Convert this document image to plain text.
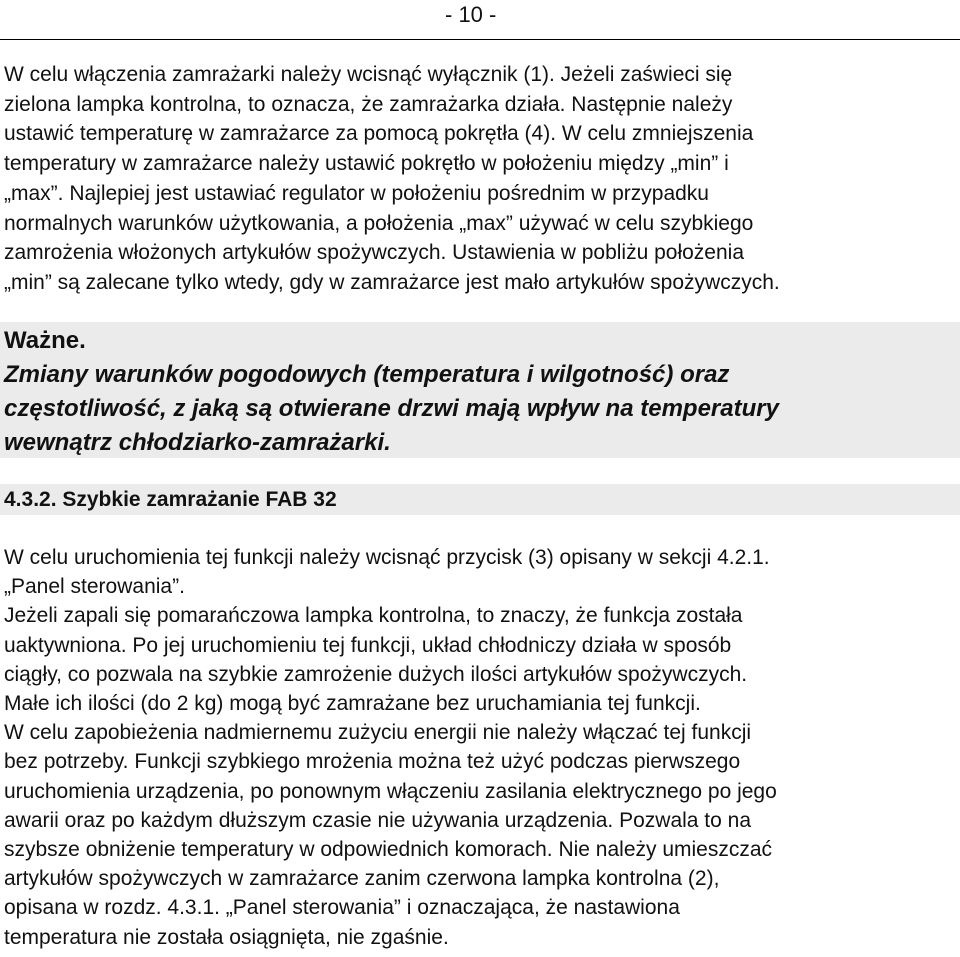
- 10 -
W celu włączenia zamrażarki należy wcisnąć wyłącznik (1). Jeżeli zaświeci się
zielona lampka kontrolna, to oznacza, że zamrażarka działa. Następnie należy
ustawić temperaturę w zamrażarce za pomocą pokrętła (4). W celu zmniejszenia
temperatury w zamrażarce należy ustawić pokrętło w położeniu między „min” i
„max”. Najlepiej jest ustawiać regulator w położeniu pośrednim w przypadku
normalnych warunków użytkowania, a położenia „max” używać w celu szybkiego
zamrożenia włożonych artykułów spożywczych. Ustawienia w pobliżu położenia
„min” są zalecane tylko wtedy, gdy w zamrażarce jest mało artykułów spożywczych.
Ważne.
Zmiany warunków pogodowych (temperatura i wilgotność) oraz
częstotliwość, z jaką są otwierane drzwi mają wpływ na temperatury
wewnątrz chłodziarko-zamrażarki.
4.3.2. Szybkie zamrażanie FAB 32
W celu uruchomienia tej funkcji należy wcisnąć przycisk (3) opisany w sekcji 4.2.1.
„Panel sterowania”.
Jeżeli zapali się pomarańczowa lampka kontrolna, to znaczy, że funkcja została
uaktywniona. Po jej uruchomieniu tej funkcji, układ chłodniczy działa w sposób
ciągły, co pozwala na szybkie zamrożenie dużych ilości artykułów spożywczych.
Małe ich ilości (do 2 kg) mogą być zamrażane bez uruchamiania tej funkcji.
W celu zapobieżenia nadmiernemu zużyciu energii nie należy włączać tej funkcji
bez potrzeby. Funkcji szybkiego mrożenia można też użyć podczas pierwszego
uruchomienia urządzenia, po ponownym włączeniu zasilania elektrycznego po jego
awarii oraz po każdym dłuższym czasie nie używania urządzenia. Pozwala to na
szybsze obniżenie temperatury w odpowiednich komorach. Nie należy umieszczać
artykułów spożywczych w zamrażarce zanim czerwona lampka kontrolna (2),
opisana w rozdz. 4.3.1. „Panel sterowania” i oznaczająca, że nastawiona
temperatura nie została osiągnięta, nie zgaśnie.
